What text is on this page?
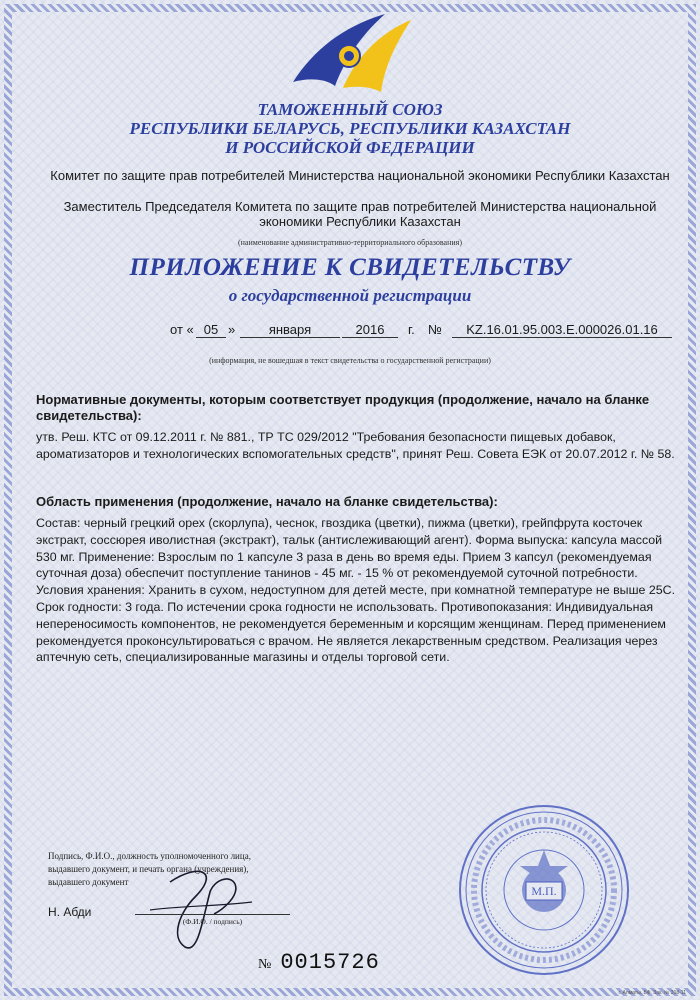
ТАМОЖЕННЫЙ СОЮЗ
РЕСПУБЛИКИ БЕЛАРУСЬ, РЕСПУБЛИКИ КАЗАХСТАН
И РОССИЙСКОЙ ФЕДЕРАЦИИ
Комитет по защите прав потребителей Министерства национальной экономики Республики Казахстан
Заместитель Председателя Комитета по защите прав потребителей Министерства национальной экономики Республики Казахстан
(наименование административно-территориального образования)
ПРИЛОЖЕНИЕ К СВИДЕТЕЛЬСТВУ
о государственной регистрации
от « 05 »	января	2016	г. №	KZ.16.01.95.003.E.000026.01.16
(информация, не вошедшая в текст свидетельства о государственной регистрации)
Нормативные документы, которым соответствует продукция (продолжение, начало на бланке свидетельства):
утв. Реш. КТС от 09.12.2011 г. № 881., ТР ТС 029/2012 "Требования безопасности пищевых добавок, ароматизаторов и технологических вспомогательных средств", принят Реш. Совета ЕЭК от 20.07.2012 г. № 58.
Область применения (продолжение, начало на бланке свидетельства):
Состав: черный грецкий орех (скорлупа), чеснок, гвоздика (цветки), пижма (цветки), грейпфрута косточек экстракт, соссюрея иволистная (экстракт), тальк (антислеживающий агент). Форма выпуска: капсула массой 530 мг. Применение: Взрослым по 1 капсуле 3 раза в день во время еды. Прием 3 капсул (рекомендуемая суточная доза) обеспечит поступление танинов - 45 мг. - 15 % от рекомендуемой суточной потребности. Условия хранения: Хранить в сухом, недоступном для детей месте, при комнатной температуре не выше 25С. Срок годности: 3 года. По истечении срока годности не использовать. Противопоказания: Индивидуальная непереносимость компонентов, не рекомендуется беременным и корсящим женщинам. Перед применением рекомендуется проконсультироваться с врачом. Не является лекарственным средством. Реализация через аптечную сеть, специализированные магазины и отделы торговой сети.
Подпись, Ф.И.О., должность уполномоченного лица,
выдавшего документ, и печать органа (учреждения),
выдавшего документ
Н. Абди
(Ф.И.О. / подпись)
М.П.
№ 0015726
г. Алматы. БФ. Зак. № 318-11
